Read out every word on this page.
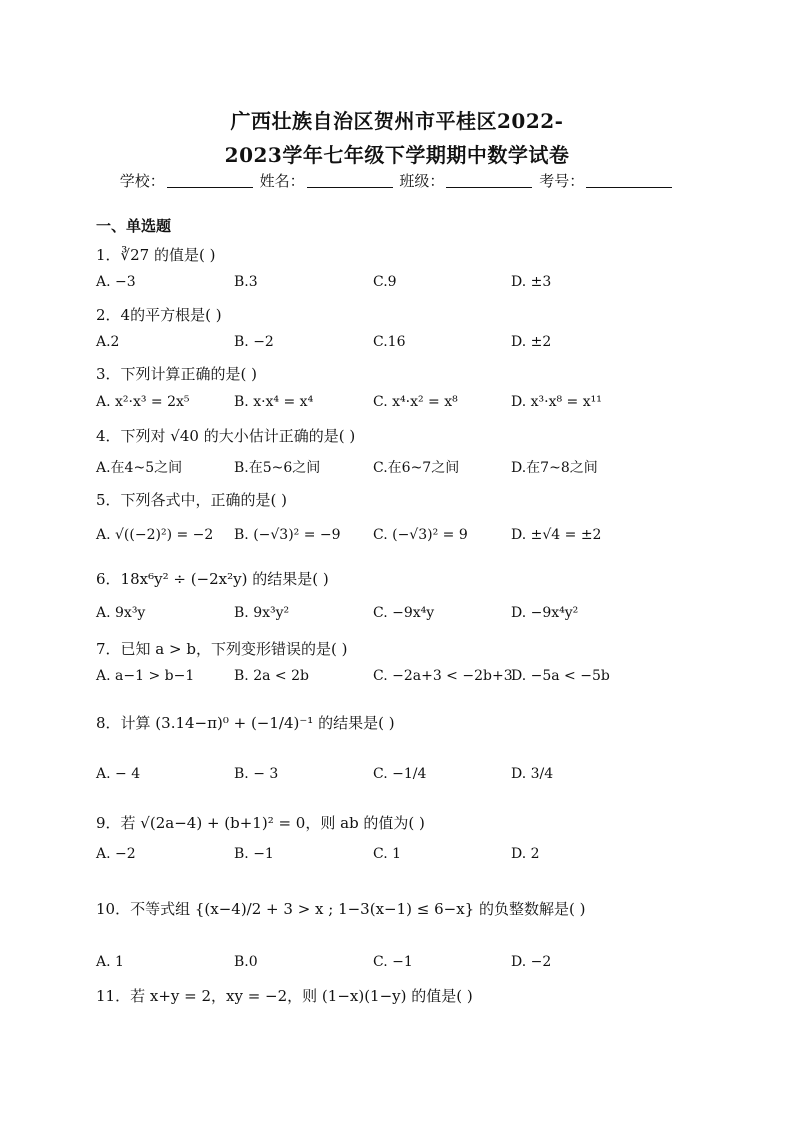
广西壮族自治区贺州市平桂区2022-
2023学年七年级下学期期中数学试卷
学校：	姓名：	班级：	考号：
一、单选题
1．∛27 的值是( )
A. −3	B.3	C.9	D. ±3
2．4的平方根是( )
A.2	B. −2	C.16	D. ±2
3．下列计算正确的是( )
A. x²·x³ = 2x⁵	B. x·x⁴ = x⁴	C. x⁴·x² = x⁸	D. x³·x⁸ = x¹¹
4．下列对 √40 的大小估计正确的是( )
A.在4~5之间	B.在5~6之间	C.在6~7之间	D.在7~8之间
5．下列各式中，正确的是( )
A. √((−2)²) = −2 B. (−√3)² = −9 C. (−√3)² = 9	D. ±√4 = ±2
6．18x⁶y² ÷ (−2x²y) 的结果是( )
A. 9x³y	B. 9x³y²	C. −9x⁴y	D. −9x⁴y²
7．已知 a > b，下列变形错误的是( )
A. a−1 > b−1	B. 2a < 2b	C. −2a+3 < −2b+3
D. −5a < −5b
8．计算 (3.14−π)⁰ + (−1/4)⁻¹ 的结果是( )
A. − 4	B. − 3	C. −1/4	D. 3/4
9．若 √(2a−4) + (b+1)² = 0，则 ab 的值为( )
A. −2	B. −1	C. 1	D. 2
10．不等式组 {(x−4)/2 + 3 > x ; 1−3(x−1) ≤ 6−x} 的负整数解是( )
A. 1	B.0	C. −1	D. −2
11．若 x+y = 2，xy = −2，则 (1−x)(1−y) 的值是( )
